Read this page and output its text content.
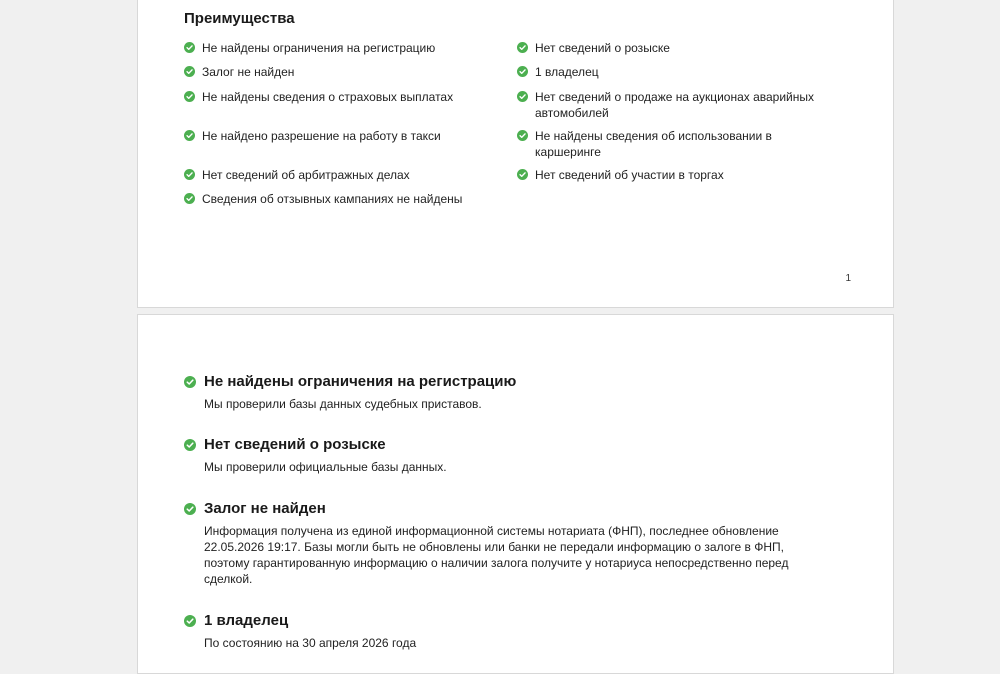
Преимущества
Не найдены ограничения на регистрацию
Залог не найден
Не найдены сведения о страховых выплатах
Не найдено разрешение на работу в такси
Нет сведений об арбитражных делах
Сведения об отзывных кампаниях не найдены
Нет сведений о розыске
1 владелец
Нет сведений о продаже на аукционах аварийных автомобилей
Не найдены сведения об использовании в каршеринге
Нет сведений об участии в торгах
1
Не найдены ограничения на регистрацию
Мы проверили базы данных судебных приставов.
Нет сведений о розыске
Мы проверили официальные базы данных.
Залог не найден
Информация получена из единой информационной системы нотариата (ФНП), последнее обновление 22.05.2026 19:17. Базы могли быть не обновлены или банки не передали информацию о залоге в ФНП, поэтому гарантированную информацию о наличии залога получите у нотариуса непосредственно перед сделкой.
1 владелец
По состоянию на 30 апреля 2026 года
